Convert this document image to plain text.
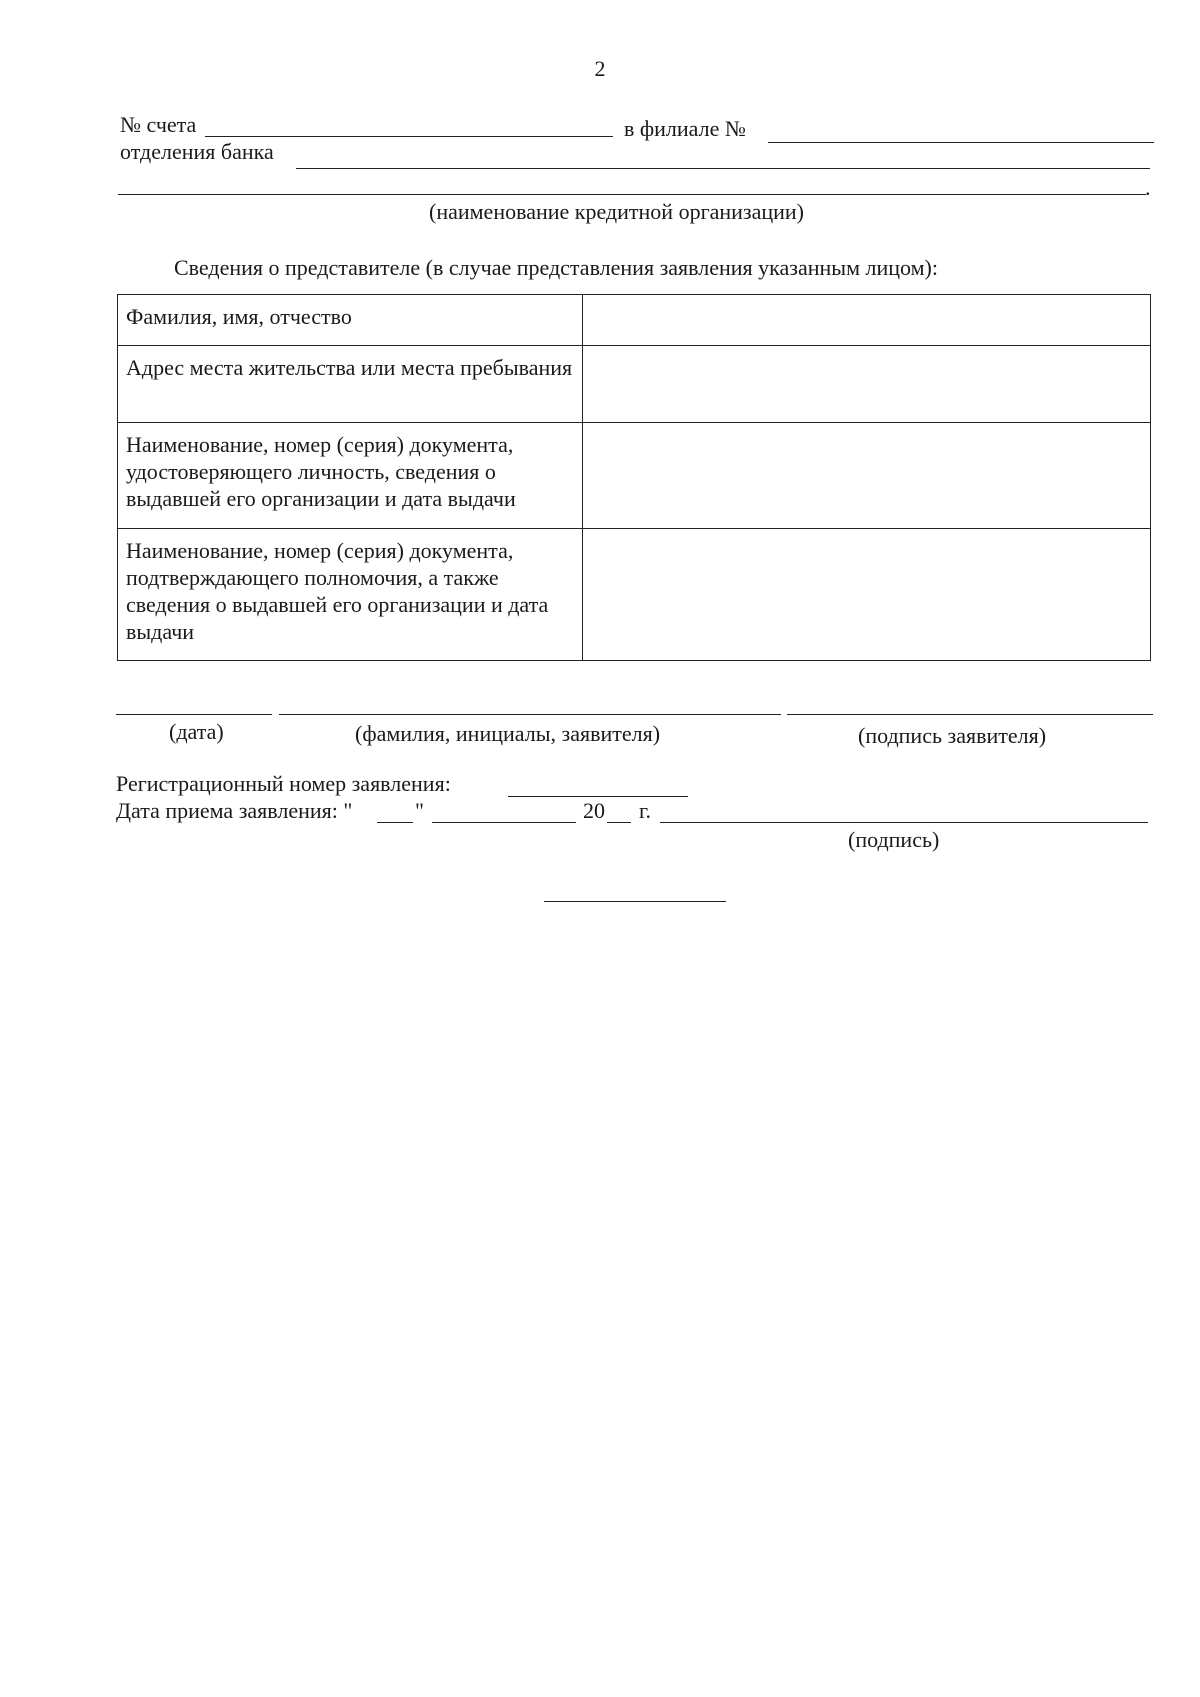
2
№ счета	в филиале №
отделения банка
.
(наименование кредитной организации)
Сведения о представителе (в случае представления заявления указанным лицом):
Фамилия, имя, отчество	
Адрес места жительства или места пребывания	
Наименование, номер (серия) документа, удостоверяющего личность, сведения о выдавшей его организации и дата выдачи	
Наименование, номер (серия) документа, подтверждающего полномочия, а также сведения о выдавшей его организации и дата выдачи	
(дата)	(фамилия, инициалы, заявителя)	(подпись заявителя)
Регистрационный номер заявления:
Дата приема заявления: "	"	20 г.
(подпись)
